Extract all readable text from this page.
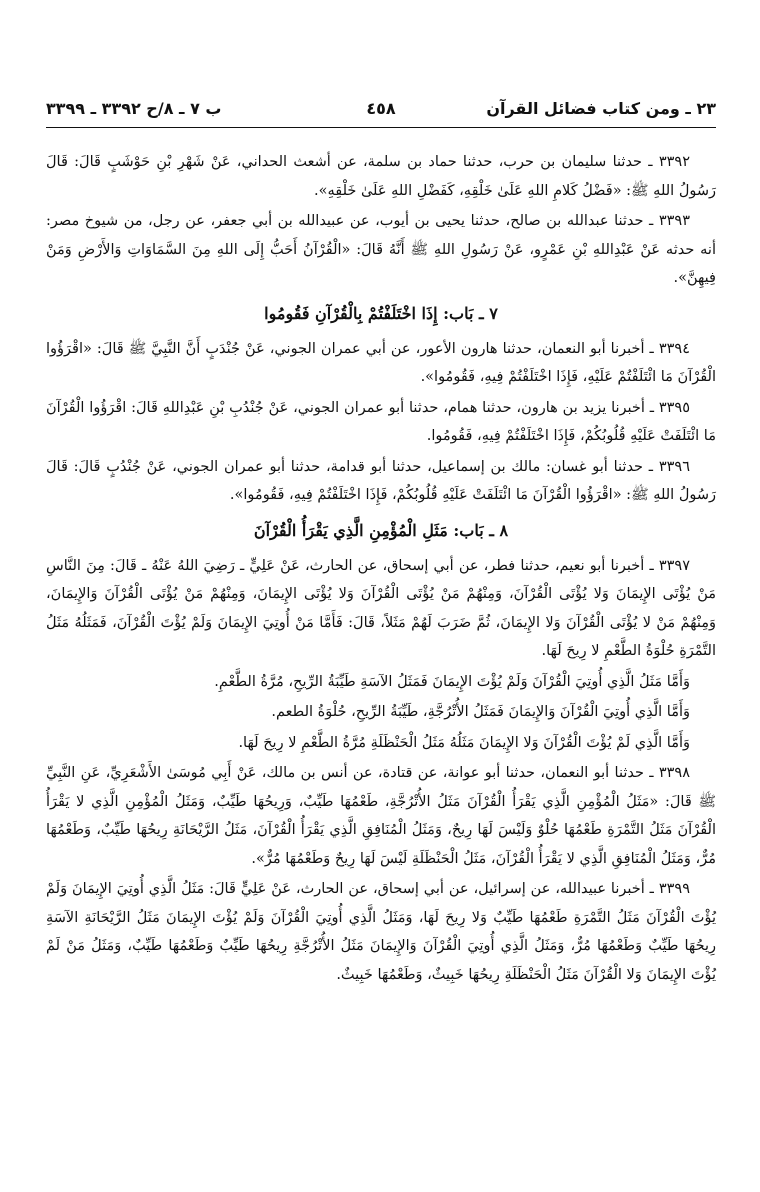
٢٣ ـ ومن كتاب فضائل القرآن
٤٥٨
ب ٧ ـ ٨/ح ٣٣٩٢ ـ ٣٣٩٩

٣٣٩٢ ـ حدثنا سليمان بن حرب، حدثنا حماد بن سلمة، عن أشعث الحداني، عَنْ شَهْرِ بْنِ حَوْشَبٍ قَالَ: قَالَ رَسُولُ اللهِ ﷺ: «فَضْلُ كَلامِ اللهِ عَلَىٰ خَلْقِهِ، كَفَضْلِ اللهِ عَلَىٰ خَلْقِهِ».

٣٣٩٣ ـ حدثنا عبدالله بن صالح، حدثنا يحيى بن أيوب، عن عبيدالله بن أبي جعفر، عن رجل، من شيوخ مصر: أنه حدثه عَنْ عَبْدِاللهِ بْنِ عَمْرٍو، عَنْ رَسُولِ اللهِ ﷺ أَنَّهُ قَالَ: «الْقُرْآنُ أَحَبُّ إِلَى اللهِ مِنَ السَّمَاوَاتِ وَالأَرْضِ وَمَنْ فِيهِنَّ».

٧ ـ بَاب: إِذَا اخْتَلَفْتُمْ بِالْقُرْآنِ فَقُومُوا

٣٣٩٤ ـ أخبرنا أبو النعمان، حدثنا هارون الأعور، عن أبي عمران الجوني، عَنْ جُنْدَبٍ أَنَّ النَّبِيَّ ﷺ قَالَ: «اقْرَؤُوا الْقُرْآنَ مَا ائْتَلَفْتُمْ عَلَيْهِ، فَإِذَا اخْتَلَفْتُمْ فِيهِ، فَقُومُوا».

٣٣٩٥ ـ أخبرنا يزيد بن هارون، حدثنا همام، حدثنا أبو عمران الجوني، عَنْ جُنْدُبِ بْنِ عَبْدِاللهِ قَالَ: اقْرَؤُوا الْقُرْآنَ مَا ائْتَلَفَتْ عَلَيْهِ قُلُوبُكُمْ، فَإِذَا اخْتَلَفْتُمْ فِيهِ، فَقُومُوا.

٣٣٩٦ ـ حدثنا أبو غسان: مالك بن إسماعيل، حدثنا أبو قدامة، حدثنا أبو عمران الجوني، عَنْ جُنْدُبٍ قَالَ: قَالَ رَسُولُ اللهِ ﷺ: «اقْرَؤُوا الْقُرْآنَ مَا ائْتَلَفَتْ عَلَيْهِ قُلُوبُكُمْ، فَإِذَا اخْتَلَفْتُمْ فِيهِ، فَقُومُوا».

٨ ـ بَاب: مَثَلِ الْمُؤْمِنِ الَّذِي يَقْرَأُ الْقُرْآنَ

٣٣٩٧ ـ أخبرنا أبو نعيم، حدثنا فطر، عن أبي إسحاق، عن الحارث، عَنْ عَلِيٍّ ـ رَضِيَ اللهُ عَنْهُ ـ قَالَ: مِنَ النَّاسِ مَنْ يُؤْتَى الإِيمَانَ وَلا يُؤْتَى الْقُرْآنَ، وَمِنْهُمْ مَنْ يُؤْتَى الْقُرْآنَ وَلا يُؤْتَى الإِيمَانَ، وَمِنْهُمْ مَنْ يُؤْتَى الْقُرْآنَ وَالإِيمَانَ، وَمِنْهُمْ مَنْ لا يُؤْتَى الْقُرْآنَ وَلا الإِيمَانَ، ثُمَّ ضَرَبَ لَهُمْ مَثَلاً، قَالَ: فَأَمَّا مَنْ أُوتِيَ الإِيمَانَ وَلَمْ يُؤْتَ الْقُرْآنَ، فَمَثَلُهُ مَثَلُ التَّمْرَةِ حُلْوَةُ الطَّعْمِ لا رِيحَ لَهَا.

وَأَمَّا مَثَلُ الَّذِي أُوتِيَ الْقُرْآنَ وَلَمْ يُؤْتَ الإِيمَانَ فَمَثَلُ الآسَةِ طَيِّبَةُ الرِّيحِ، مُرَّةُ الطَّعْمِ.

وَأَمَّا الَّذِي أُوتِيَ الْقُرْآنَ وَالإِيمَانَ فَمَثَلُ الأُتْرُجَّةِ، طَيِّبَةُ الرِّيحِ، حُلْوَةُ الطعم.

وَأَمَّا الَّذِي لَمْ يُؤْتَ الْقُرْآنَ وَلا الإِيمَانَ مَثَلُهُ مَثَلُ الْحَنْظَلَةِ مُرَّةُ الطَّعْمِ لا رِيحَ لَهَا.

٣٣٩٨ ـ حدثنا أبو النعمان، حدثنا أبو عوانة، عن قتادة، عن أنس بن مالك، عَنْ أَبِي مُوسَىٰ الأَشْعَرِيِّ، عَنِ النَّبِيِّ ﷺ قَالَ: «مَثَلُ الْمُؤْمِنِ الَّذِي يَقْرَأُ الْقُرْآنَ مَثَلُ الأُتْرُجَّةِ، طَعْمُهَا طَيِّبٌ، وَرِيحُهَا طَيِّبٌ، وَمَثَلُ الْمُؤْمِنِ الَّذِي لا يَقْرَأُ الْقُرْآنَ مَثَلُ التَّمْرَةِ طَعْمُهَا حُلْوٌ وَلَيْسَ لَهَا رِيحٌ، وَمَثَلُ الْمُنَافِقِ الَّذِي يَقْرَأُ الْقُرْآنَ، مَثَلُ الرَّيْحَانَةِ رِيحُهَا طَيِّبٌ، وَطَعْمُهَا مُرٌّ، وَمَثَلُ الْمُنَافِقِ الَّذِي لا يَقْرَأُ الْقُرْآنَ، مَثَلُ الْحَنْظَلَةِ لَيْسَ لَهَا رِيحٌ وَطَعْمُهَا مُرٌّ».

٣٣٩٩ ـ أخبرنا عبيدالله، عن إسرائيل، عن أبي إسحاق، عن الحارث، عَنْ عَلِيٍّ قَالَ: مَثَلُ الَّذِي أُوتِيَ الإِيمَانَ وَلَمْ يُؤْتَ الْقُرْآنَ مَثَلُ التَّمْرَةِ طَعْمُهَا طَيِّبٌ وَلا رِيحَ لَهَا، وَمَثَلُ الَّذِي أُوتِيَ الْقُرْآنَ وَلَمْ يُؤْتَ الإِيمَانَ مَثَلُ الرَّيْحَانَةِ الآسَةِ رِيحُهَا طَيِّبٌ وَطَعْمُهَا مُرٌّ، وَمَثَلُ الَّذِي أُوتِيَ الْقُرْآنَ وَالإِيمَانَ مَثَلُ الأُتْرُجَّةِ رِيحُهَا طَيِّبٌ وَطَعْمُهَا طَيِّبٌ، وَمَثَلُ مَنْ لَمْ يُؤْتَ الإِيمَانَ وَلا الْقُرْآنَ مَثَلُ الْحَنْظَلَةِ رِيحُهَا خَبِيثٌ، وَطَعْمُهَا خَبِيثٌ.
